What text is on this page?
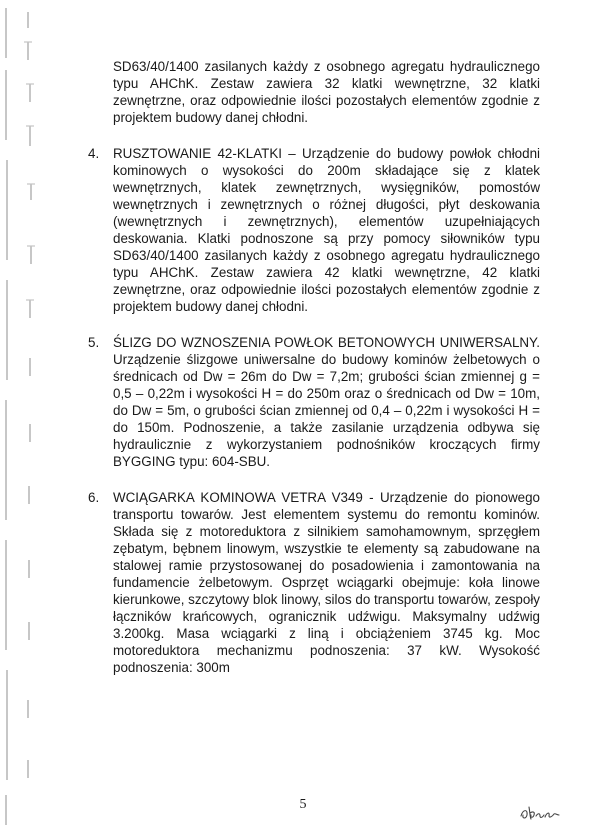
SD63/40/1400 zasilanych każdy z osobnego agregatu hydraulicznego typu AHChK. Zestaw zawiera 32 klatki wewnętrzne, 32 klatki zewnętrzne, oraz odpowiednie ilości pozostałych elementów zgodnie z projektem budowy danej chłodni.

4.	RUSZTOWANIE 42-KLATKI – Urządzenie do budowy powłok chłodni kominowych o wysokości do 200m składające się z klatek wewnętrznych, klatek zewnętrznych, wysięgników, pomostów wewnętrznych i zewnętrznych o różnej długości, płyt deskowania (wewnętrznych i zewnętrznych), elementów uzupełniających deskowania. Klatki podnoszone są przy pomocy siłowników typu SD63/40/1400 zasilanych każdy z osobnego agregatu hydraulicznego typu AHChK. Zestaw zawiera 42 klatki wewnętrzne, 42 klatki zewnętrzne, oraz odpowiednie ilości pozostałych elementów zgodnie z projektem budowy danej chłodni.
5.	ŚLIZG DO WZNOSZENIA POWŁOK BETONOWYCH UNIWERSALNY. Urządzenie ślizgowe uniwersalne do budowy kominów żelbetowych o średnicach od Dw = 26m do Dw = 7,2m; grubości ścian zmiennej g = 0,5 – 0,22m i wysokości H = do 250m oraz o średnicach od Dw = 10m, do Dw = 5m, o grubości ścian zmiennej od 0,4 – 0,22m i wysokości H = do 150m. Podnoszenie, a także zasilanie urządzenia odbywa się hydraulicznie z wykorzystaniem podnośników kroczących firmy BYGGING typu: 604-SBU.
6.	WCIĄGARKA KOMINOWA VETRA V349 - Urządzenie do pionowego transportu towarów. Jest elementem systemu do remontu kominów. Składa się z motoreduktora z silnikiem samohamownym, sprzęgłem zębatym, bębnem linowym, wszystkie te elementy są zabudowane na stalowej ramie przystosowanej do posadowienia i zamontowania na fundamencie żelbetowym. Osprzęt wciągarki obejmuje: koła linowe kierunkowe, szczytowy blok linowy, silos do transportu towarów, zespoły łączników krańcowych, ogranicznik udźwigu. Maksymalny udźwig 3.200kg. Masa wciągarki z liną i obciążeniem 3745 kg. Moc motoreduktora mechanizmu podnoszenia: 37 kW. Wysokość podnoszenia: 300m
5
